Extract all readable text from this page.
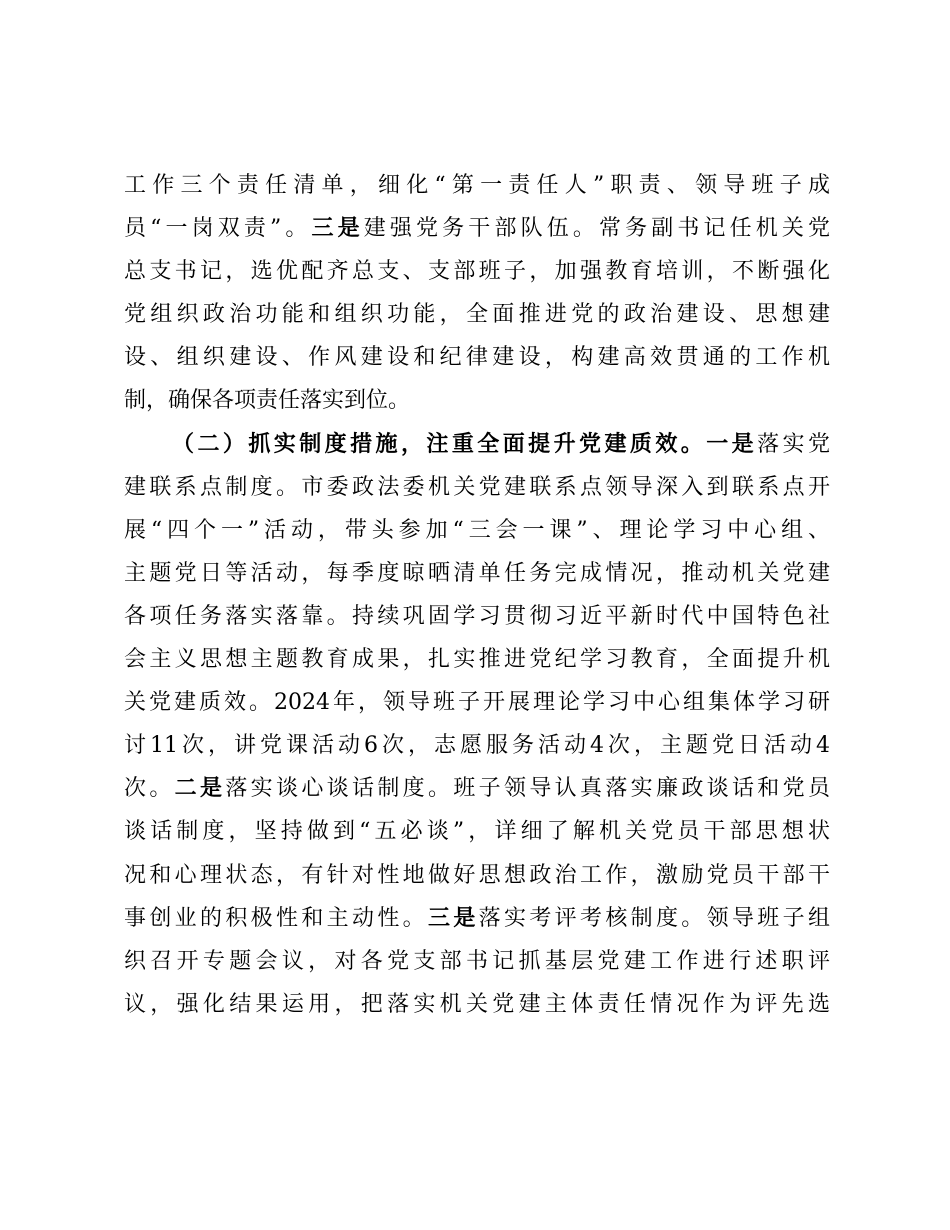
工作三个责任清单，细化“第一责任人”职责、领导班子成
员“一岗双责”。三是建强党务干部队伍。常务副书记任机关党
总支书记，选优配齐总支、支部班子，加强教育培训，不断强化
党组织政治功能和组织功能，全面推进党的政治建设、思想建
设、组织建设、作风建设和纪律建设，构建高效贯通的工作机
制，确保各项责任落实到位。
（二）抓实制度措施，注重全面提升党建质效。一是落实党
建联系点制度。市委政法委机关党建联系点领导深入到联系点开
展“四个一”活动，带头参加“三会一课”、理论学习中心组、
主题党日等活动，每季度晾晒清单任务完成情况，推动机关党建
各项任务落实落靠。持续巩固学习贯彻习近平新时代中国特色社
会主义思想主题教育成果，扎实推进党纪学习教育，全面提升机
关党建质效。2024年，领导班子开展理论学习中心组集体学习研
讨11次，讲党课活动6次，志愿服务活动4次，主题党日活动4
次。二是落实谈心谈话制度。班子领导认真落实廉政谈话和党员
谈话制度，坚持做到“五必谈”，详细了解机关党员干部思想状
况和心理状态，有针对性地做好思想政治工作，激励党员干部干
事创业的积极性和主动性。三是落实考评考核制度。领导班子组
织召开专题会议，对各党支部书记抓基层党建工作进行述职评
议，强化结果运用，把落实机关党建主体责任情况作为评先选
